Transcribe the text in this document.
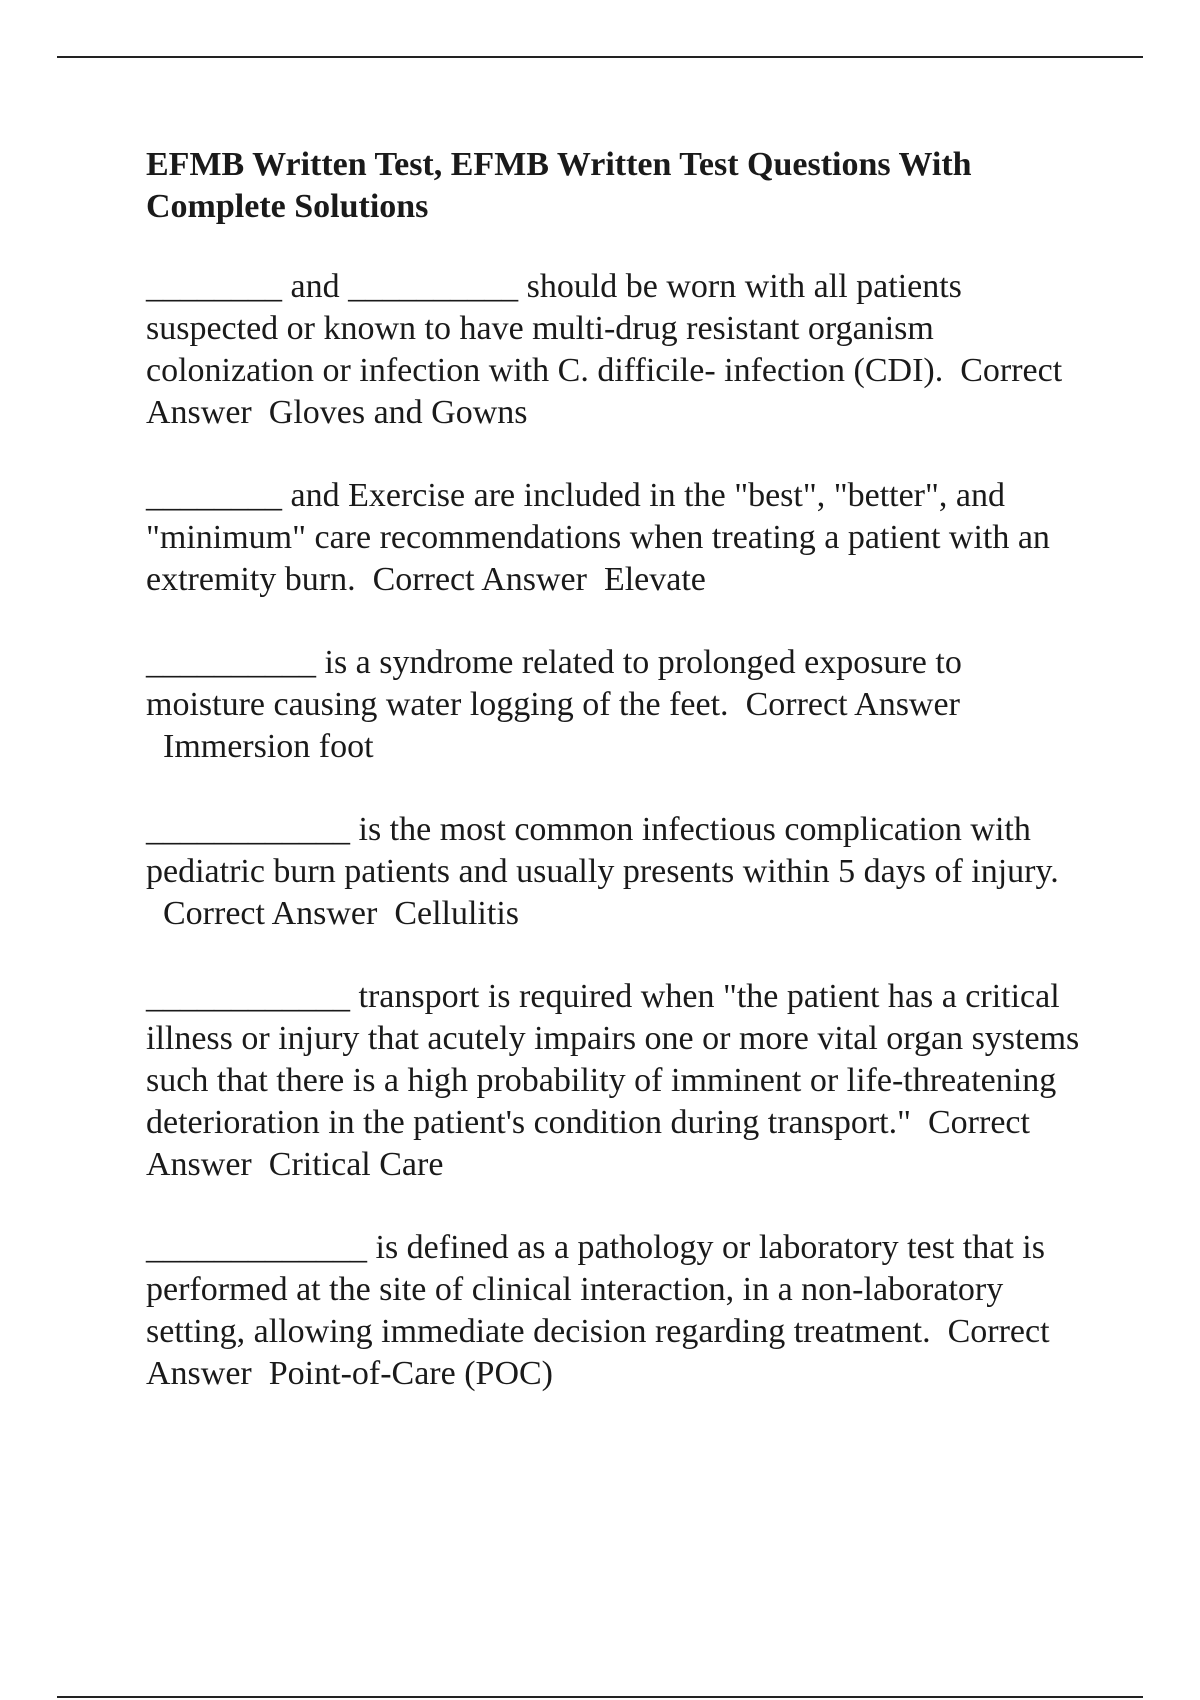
EFMB Written Test, EFMB Written Test Questions With Complete Solutions

________ and __________ should be worn with all patients suspected or known to have multi-drug resistant organism colonization or infection with C. difficile- infection (CDI). Correct Answer Gloves and Gowns

________ and Exercise are included in the "best", "better", and "minimum" care recommendations when treating a patient with an extremity burn. Correct Answer Elevate

__________ is a syndrome related to prolonged exposure to moisture causing water logging of the feet. Correct Answer  Immersion foot

____________ is the most common infectious complication with pediatric burn patients and usually presents within 5 days of injury.  Correct Answer Cellulitis

____________ transport is required when "the patient has a critical illness or injury that acutely impairs one or more vital organ systems such that there is a high probability of imminent or life-threatening deterioration in the patient's condition during transport." Correct Answer Critical Care

_____________ is defined as a pathology or laboratory test that is performed at the site of clinical interaction, in a non-laboratory setting, allowing immediate decision regarding treatment. Correct Answer Point-of-Care (POC)
